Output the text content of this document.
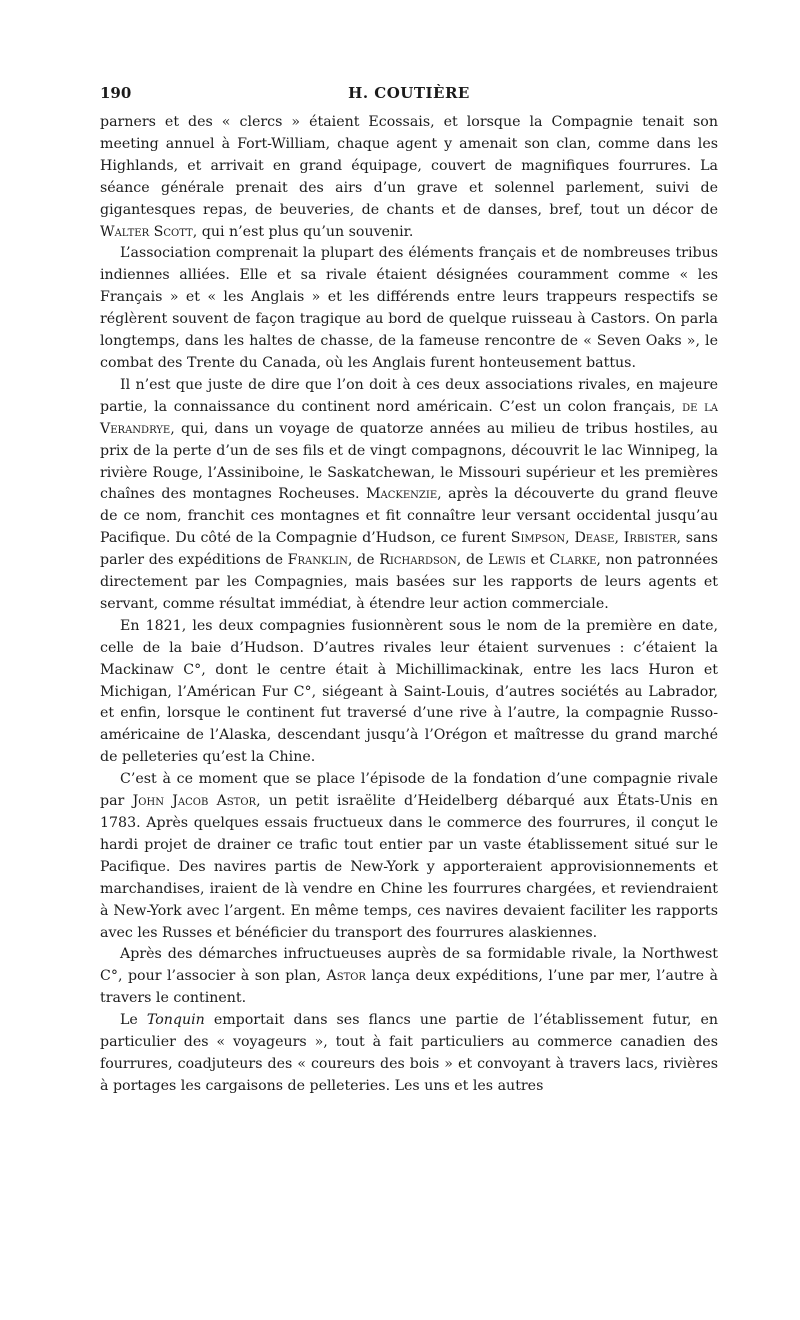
190	H. COUTIÈRE

parners et des « clercs » étaient Ecossais, et lorsque la Compagnie tenait son meeting annuel à Fort-William, chaque agent y amenait son clan, comme dans les Highlands, et arrivait en grand équipage, couvert de magnifiques fourrures. La séance générale prenait des airs d’un grave et solennel parlement, suivi de gigantesques repas, de beuveries, de chants et de danses, bref, tout un décor de Walter Scott, qui n’est plus qu’un souvenir.

L’association comprenait la plupart des éléments français et de nombreuses tribus indiennes alliées. Elle et sa rivale étaient désignées couramment comme « les Français » et « les Anglais » et les différends entre leurs trappeurs respectifs se réglèrent souvent de façon tragique au bord de quelque ruisseau à Castors. On parla longtemps, dans les haltes de chasse, de la fameuse rencontre de « Seven Oaks », le combat des Trente du Canada, où les Anglais furent honteusement battus.

Il n’est que juste de dire que l’on doit à ces deux associations rivales, en majeure partie, la connaissance du continent nord américain. C’est un colon français, de la Verandrye, qui, dans un voyage de quatorze années au milieu de tribus hostiles, au prix de la perte d’un de ses fils et de vingt compagnons, découvrit le lac Winnipeg, la rivière Rouge, l’Assiniboine, le Saskatchewan, le Missouri supérieur et les premières chaînes des montagnes Rocheuses. Mackenzie, après la découverte du grand fleuve de ce nom, franchit ces montagnes et fit connaître leur versant occidental jusqu’au Pacifique. Du côté de la Compagnie d’Hudson, ce furent Simpson, Dease, Irbister, sans parler des expéditions de Franklin, de Richardson, de Lewis et Clarke, non patronnées directement par les Compagnies, mais basées sur les rapports de leurs agents et servant, comme résultat immédiat, à étendre leur action commerciale.

En 1821, les deux compagnies fusionnèrent sous le nom de la première en date, celle de la baie d’Hudson. D’autres rivales leur étaient survenues : c’étaient la Mackinaw C°, dont le centre était à Michillimackinak, entre les lacs Huron et Michigan, l’Américan Fur C°, siégeant à Saint-Louis, d’autres sociétés au Labrador, et enfin, lorsque le continent fut traversé d’une rive à l’autre, la compagnie Russo-américaine de l’Alaska, descendant jusqu’à l’Orégon et maîtresse du grand marché de pelleteries qu’est la Chine.

C’est à ce moment que se place l’épisode de la fondation d’une compagnie rivale par John Jacob Astor, un petit israëlite d’Heidelberg débarqué aux États-Unis en 1783. Après quelques essais fructueux dans le commerce des fourrures, il conçut le hardi projet de drainer ce trafic tout entier par un vaste établissement situé sur le Pacifique. Des navires partis de New-York y apporteraient approvisionnements et marchandises, iraient de là vendre en Chine les fourrures chargées, et reviendraient à New-York avec l’argent. En même temps, ces navires devaient faciliter les rapports avec les Russes et bénéficier du transport des fourrures alaskiennes.

Après des démarches infructueuses auprès de sa formidable rivale, la Northwest C°, pour l’associer à son plan, Astor lança deux expéditions, l’une par mer, l’autre à travers le continent.

Le Tonquin emportait dans ses flancs une partie de l’établissement futur, en particulier des « voyageurs », tout à fait particuliers au commerce canadien des fourrures, coadjuteurs des « coureurs des bois » et convoyant à travers lacs, rivières à portages les cargaisons de pelleteries. Les uns et les autres
